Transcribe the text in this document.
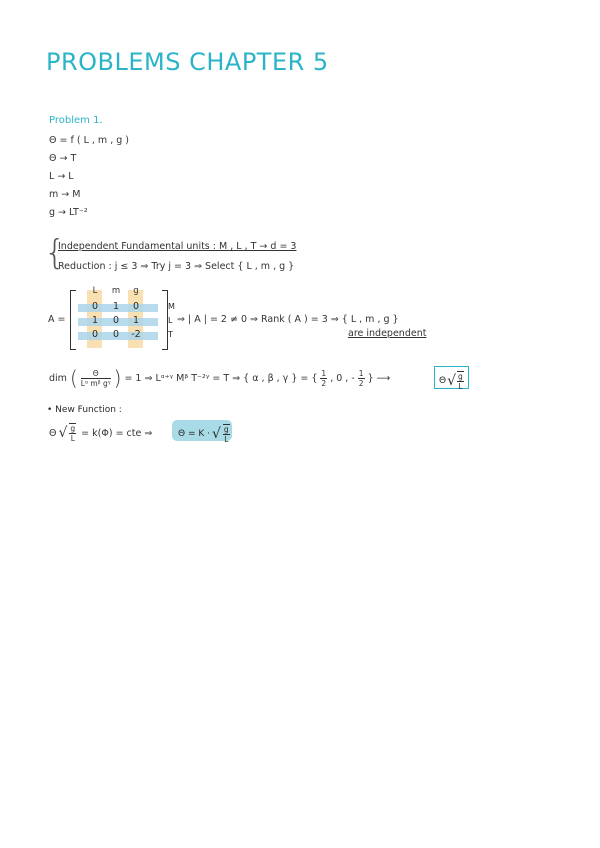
PROBLEMS CHAPTER 5
Problem 1.
Θ = f ( L , m , g )
Θ → T
L → L
m → M
g → LT⁻²
{
Independent Fundamental units : M , L , T → d = 3
Reduction : j ≤ 3 ⇒ Try j = 3 ⇒ Select { L , m , g }
A =
L	m	g
0	1	0
1	0	1
0	0	-2
M
L
T
⇒ | A | = 2 ≠ 0 ⇒ Rank ( A ) = 3 ⇒ { L , m , g }
are independent
dim ( $\frac{\Theta}{\text{Lᵅ mᵝ gᵞ}}$ ) = 1 ⇒ Lᵅ⁺ᵞ Mᵝ T⁻²ᵞ = T ⇒ { α , β , γ } = { $\frac{1}{2}$ , 0 , - $\frac{1}{2}$ } ⟶	Θ √ $\frac{g}{L}$
• New Function :
Θ √ $\frac{g}{L} = k(\Phi)$ = cte ⇒	Θ = K · √ $\frac{g}{L}$
